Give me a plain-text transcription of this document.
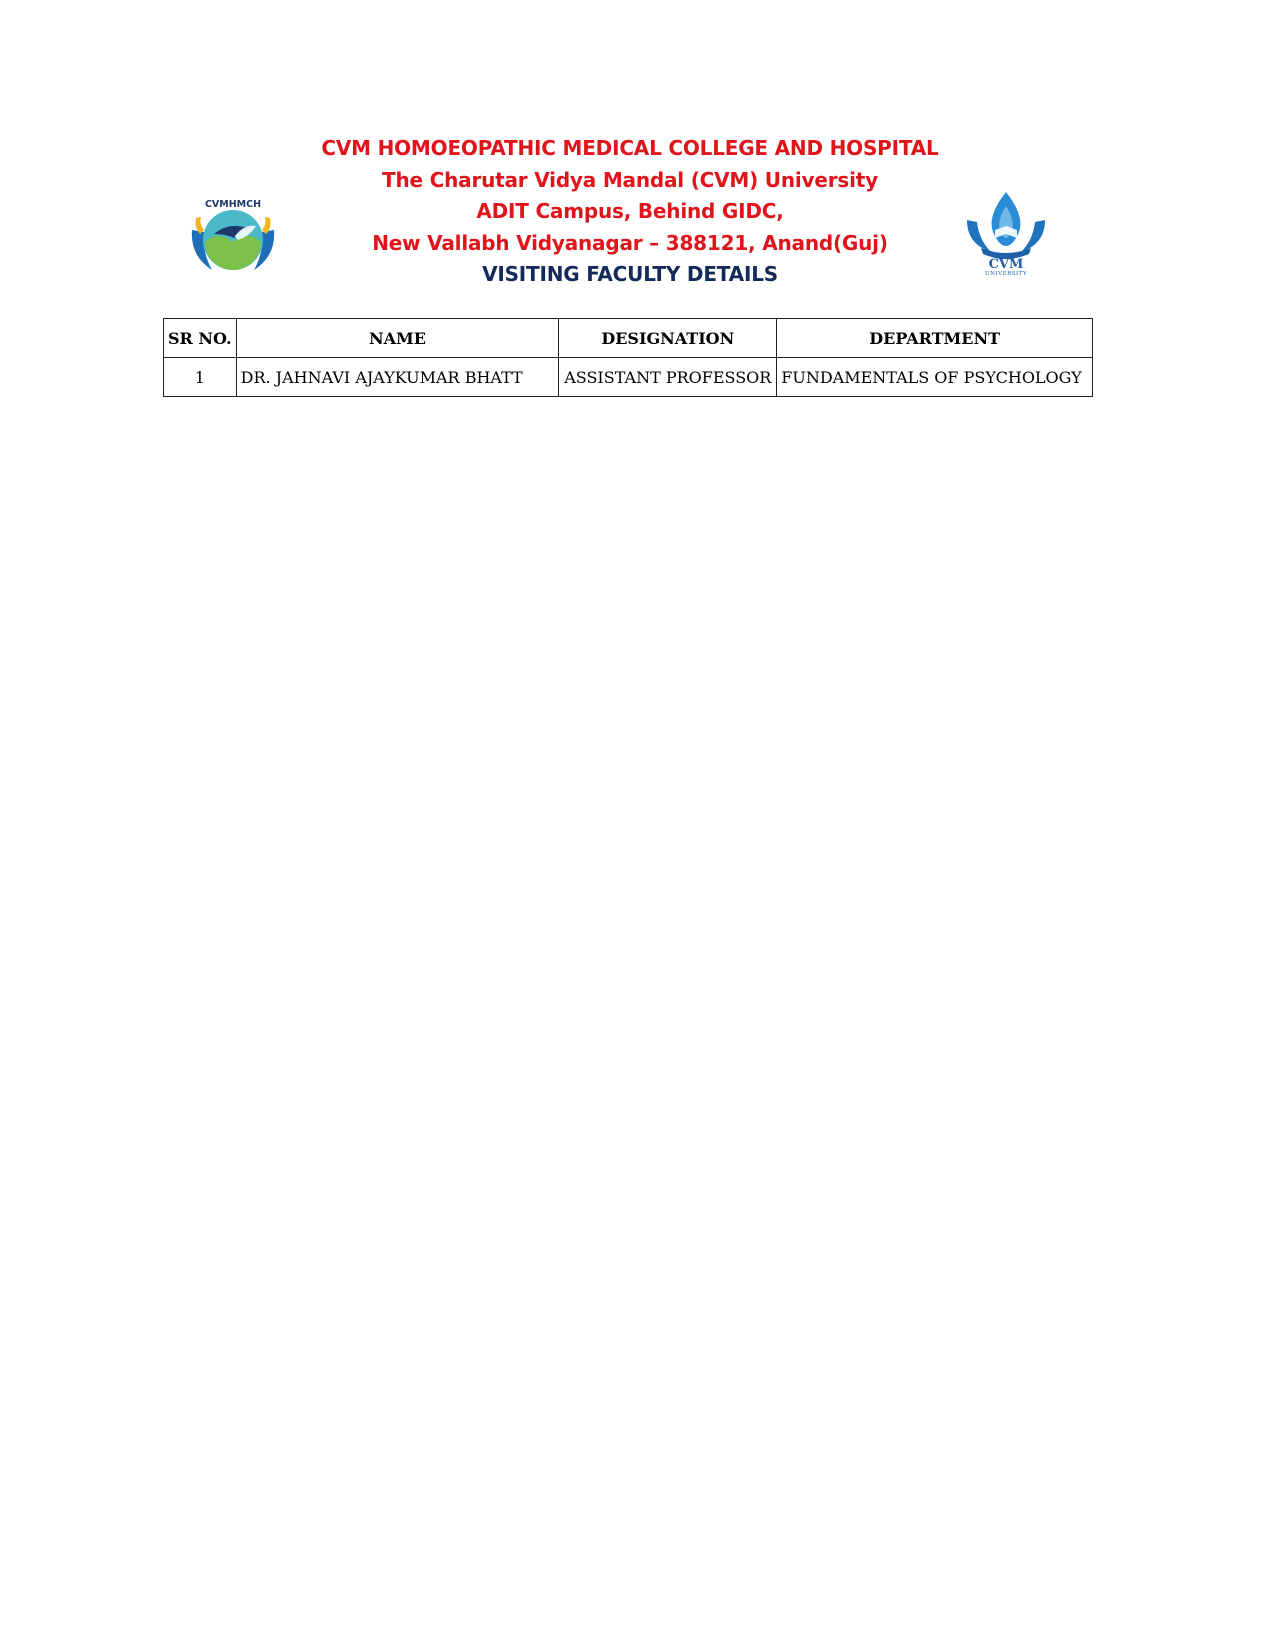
CVM HOMOEOPATHIC MEDICAL COLLEGE AND HOSPITAL
The Charutar Vidya Mandal (CVM) University
ADIT Campus, Behind GIDC,
New Vallabh Vidyanagar – 388121, Anand(Guj)
VISITING FACULTY DETAILS
CVMHMCH
CVM
UNIVERSITY
SR NO.	NAME	DESIGNATION	DEPARTMENT
1	DR. JAHNAVI AJAYKUMAR BHATT	ASSISTANT PROFESSOR	FUNDAMENTALS OF PSYCHOLOGY
